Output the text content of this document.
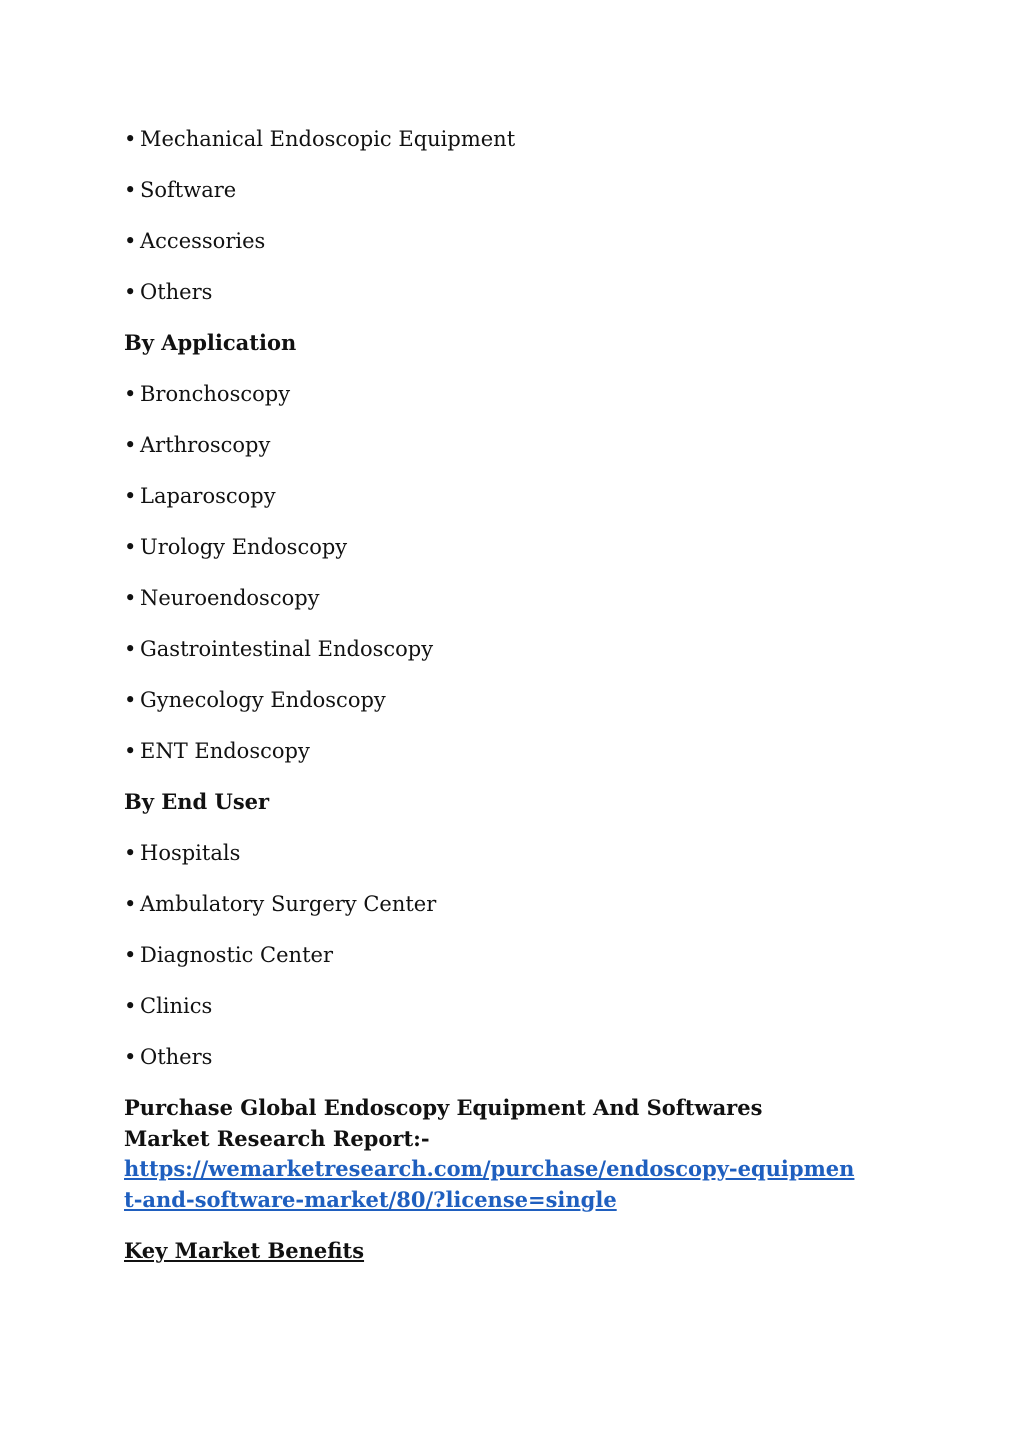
• Mechanical Endoscopic Equipment
• Software
• Accessories
• Others
By Application
• Bronchoscopy
• Arthroscopy
• Laparoscopy
• Urology Endoscopy
• Neuroendoscopy
• Gastrointestinal Endoscopy
• Gynecology Endoscopy
• ENT Endoscopy
By End User
• Hospitals
• Ambulatory Surgery Center
• Diagnostic Center
• Clinics
• Others
Purchase Global Endoscopy Equipment And Softwares Market Research Report:-
https://wemarketresearch.com/purchase/endoscopy-equipment-and-software-market/80/?license=single
Key Market Benefits
